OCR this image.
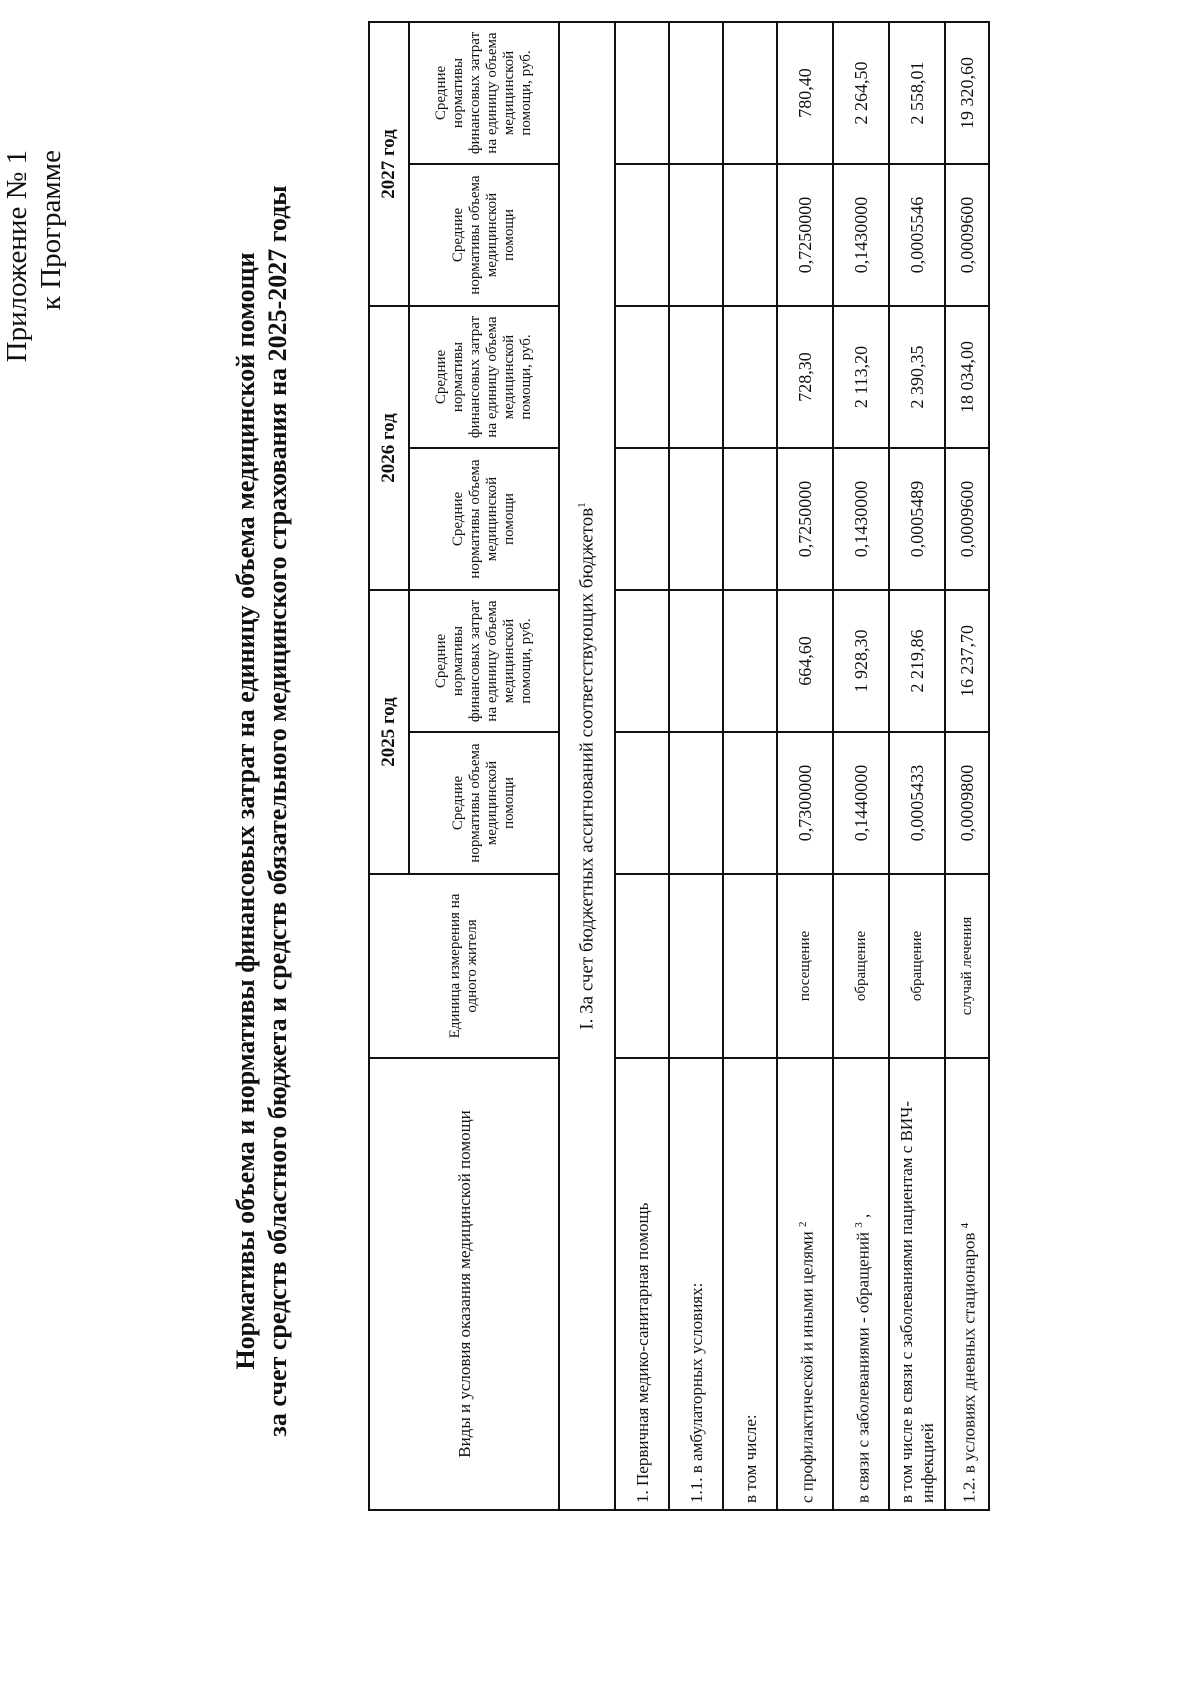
Приложение № 1 к Программе
Нормативы объема и нормативы финансовых затрат на единицу объема медицинской помощи за счет средств областного бюджета и средств обязательного медицинского страхования на 2025-2027 годы	Виды и условия оказания медицинской помощи	Единица измерения на одного жителя	2025 год		2026 год		2027 год	
		Средние нормативы объема медицинской помощи	Средние нормативы финансовых затрат на единицу объема медицинской помощи, руб.	Средние нормативы объема медицинской помощи	Средние нормативы финансовых затрат на единицу объема медицинской помощи, руб.	Средние нормативы объема медицинской помощи	Средние нормативы финансовых затрат на единицу объема медицинской помощи, руб.
I. За счет бюджетных ассигнований соответствующих бюджетов$^1$
1. Первичная медико-санитарная помощь							
1.1. в амбулаторных условиях:							
в том числе:							
с профилактической и иными целями $^2$	посещение	0,7300000	664,60	0,7250000	728,30	0,7250000	780,40
в связи с заболеваниями - обращений $^3$ ,	обращение	0,1440000	1 928,30	0,1430000	2 113,20	0,1430000	2 264,50
в том числе в связи с заболеваниями пациентам с ВИЧ-инфекцией	обращение	0,0005433	2 219,86	0,0005489	2 390,35	0,0005546	2 558,01
1.2. в условиях дневных стационаров $^4$	случай лечения	0,0009800	16 237,70	0,0009600	18 034,00	0,0009600	19 320,60
